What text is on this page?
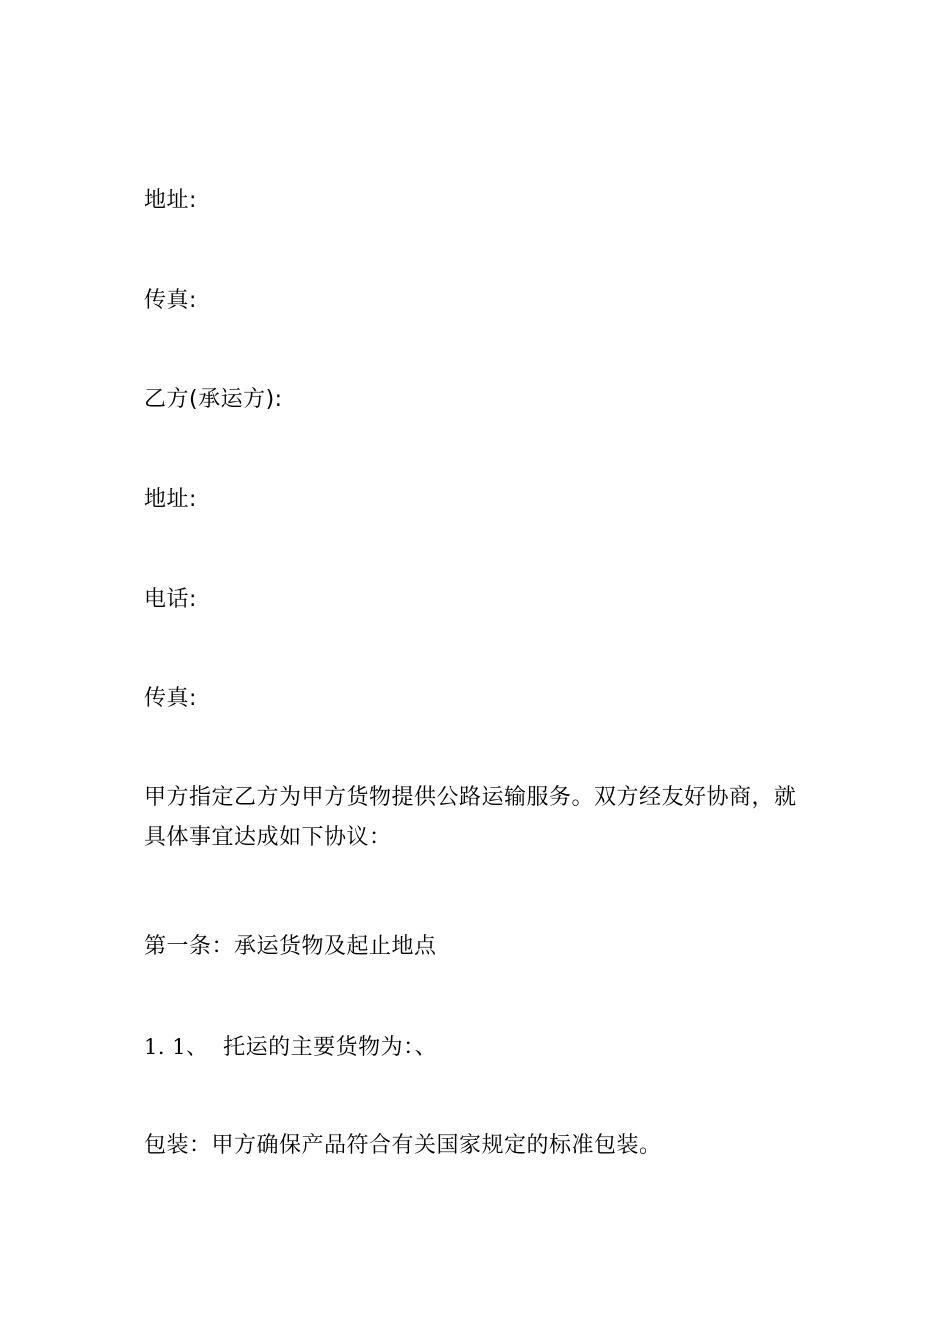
地址:
传真:
乙方(承运方):
地址:
电话:
传真:
甲方指定乙方为甲方货物提供公路运输服务。双方经友好协商，就具体事宜达成如下协议：
第一条：承运货物及起止地点
1. 1、 托运的主要货物为：、
包装：甲方确保产品符合有关国家规定的标准包装。
